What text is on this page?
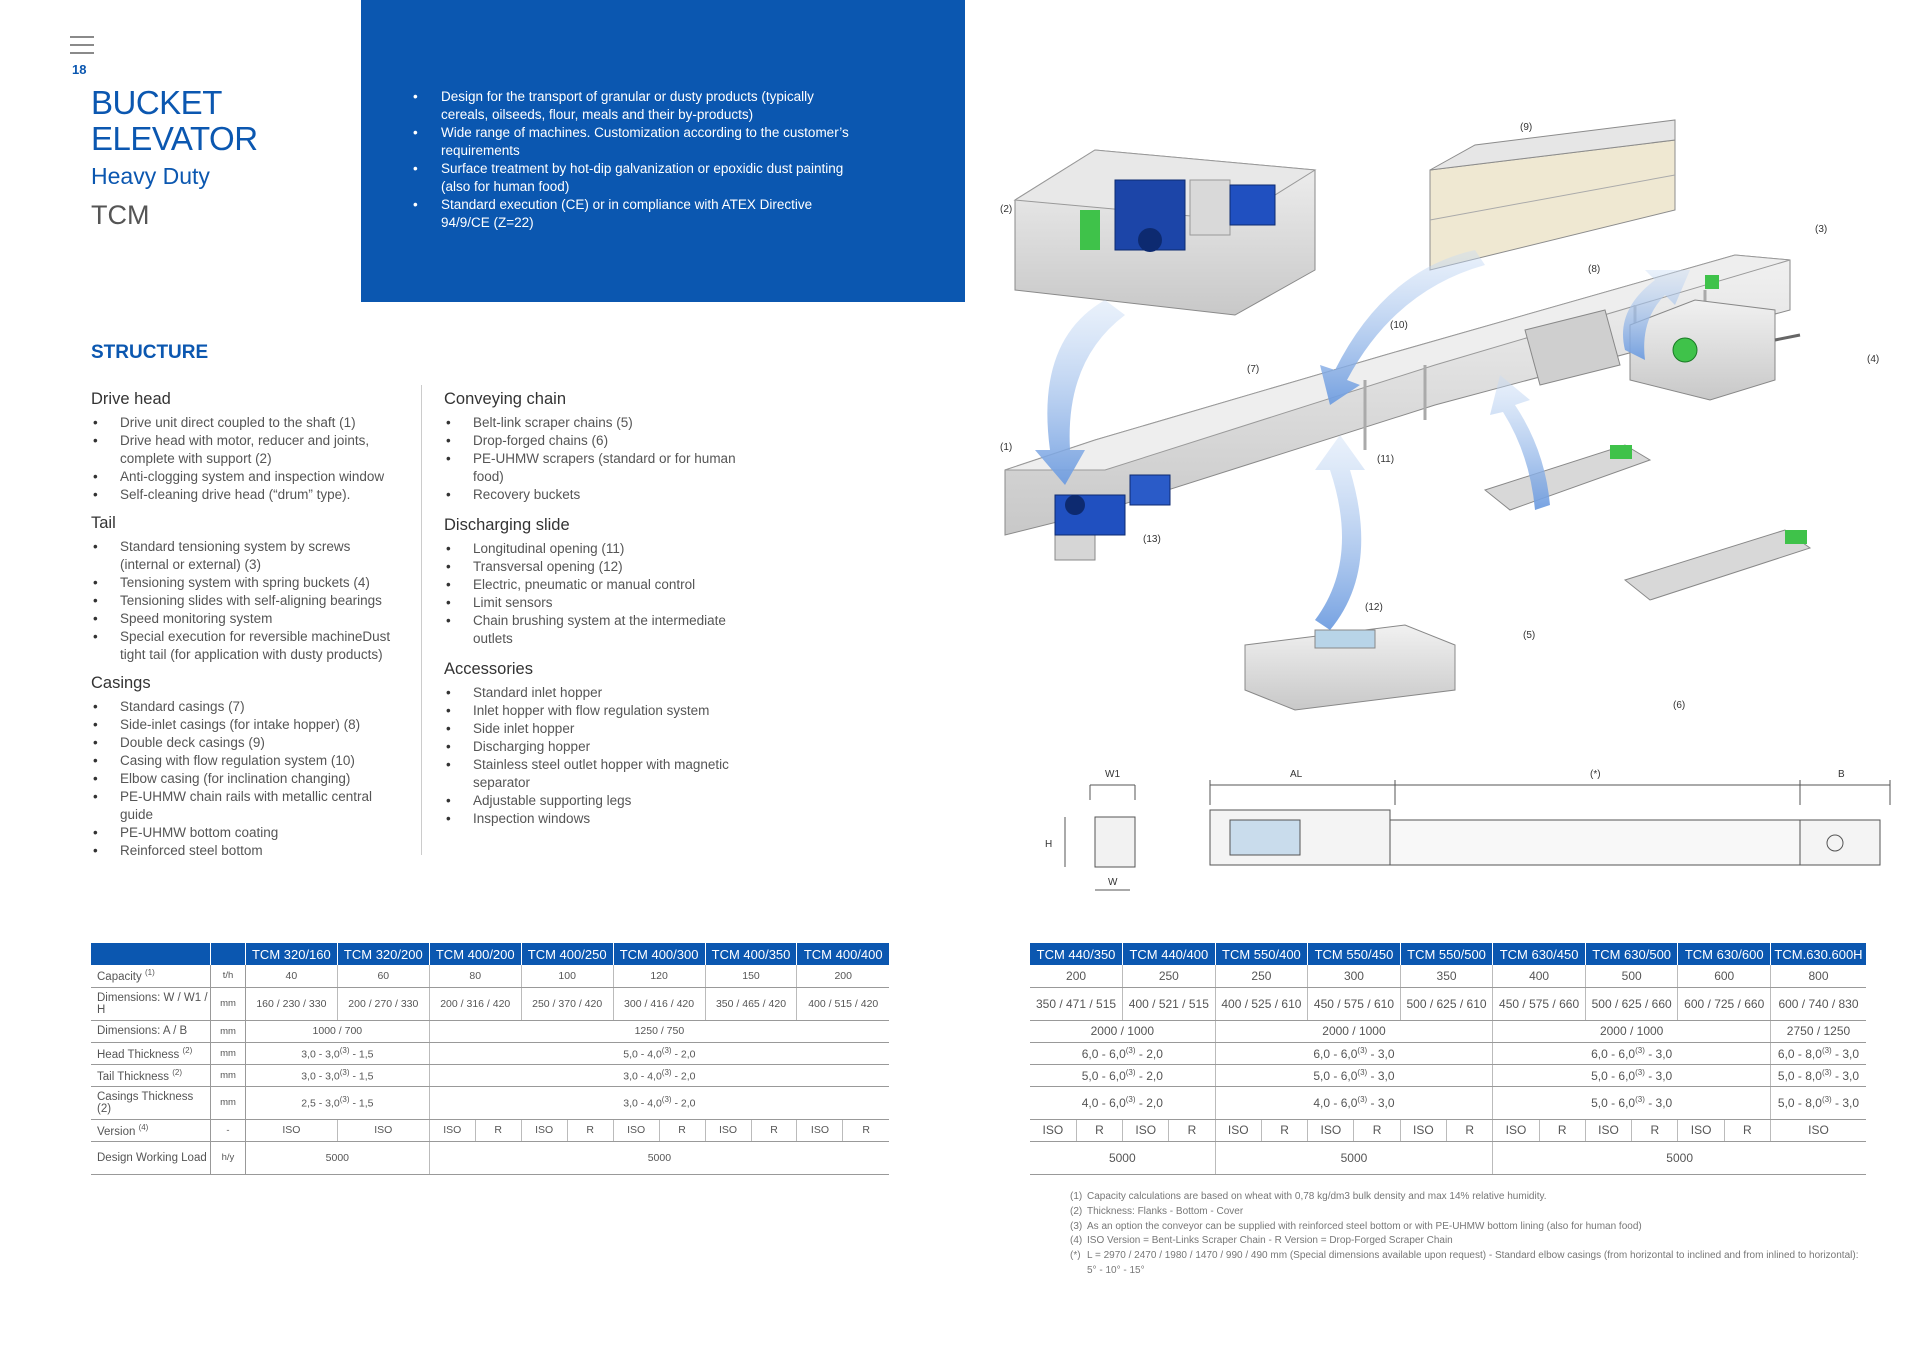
18
BUCKET
ELEVATOR
Heavy Duty
TCM
• Design for the transport of granular or dusty products (typically cereals, oilseeds, flour, meals and their by-products)
• Wide range of machines. Customization according to the customer’s requirements
• Surface treatment by hot-dip galvanization or epoxidic dust painting (also for human food)
• Standard execution (CE) or in compliance with ATEX Directive 94/9/CE (Z=22)
STRUCTURE
Drive head
• Drive unit direct coupled to the shaft (1)
• Drive head with motor, reducer and joints, complete with support (2)
• Anti-clogging system and inspection window
• Self-cleaning drive head (“drum” type).
Tail
• Standard tensioning system by screws (internal or external) (3)
• Tensioning system with spring buckets (4)
• Tensioning slides with self-aligning bearings
• Speed monitoring system
• Special execution for reversible machineDust tight tail (for application with dusty products)
Casings
• Standard casings (7)
• Side-inlet casings (for intake hopper) (8)
• Double deck casings (9)
• Casing with flow regulation system (10)
• Elbow casing (for inclination changing)
• PE-UHMW chain rails with metallic central guide
• PE-UHMW bottom coating
• Reinforced steel bottom
Conveying chain
• Belt-link scraper chains (5)
• Drop-forged chains (6)
• PE-UHMW scrapers (standard or for human food)
• Recovery buckets
Discharging slide
• Longitudinal opening (11)
• Transversal opening (12)
• Electric, pneumatic or manual control
• Limit sensors
• Chain brushing system at the intermediate outlets
Accessories
• Standard inlet hopper
• Inlet hopper with flow regulation system
• Side inlet hopper
• Discharging hopper
• Stainless steel outlet hopper with magnetic separator
• Adjustable supporting legs
• Inspection windows
(1)
(2)
(3)
(4)
(5)
(6)
(7)
(8)
(9)
(10)
(11)
(12)
(13)
W1
H
W
AL	(*)	B
		TCM 320/160	TCM 320/200	TCM 400/200		TCM 400/250		TCM 400/300		TCM 400/350		TCM 400/400	
Capacity $^{(1)}$	t/h	40	60	80		100		120		150		200	
Dimensions: W / W1 / H	mm	160 / 230 / 330	200 / 270 / 330	200 / 316 / 420		250 / 370 / 420		300 / 416 / 420		350 / 465 / 420		400 / 515 / 420	
Dimensions: A / B	mm	1000 / 700		1250 / 750									
Head Thickness $^{(2)}$	mm	3,0 - 3,0$^{(3)}$ - 1,5		5,0 - 4,0$^{(3)}$ - 2,0									
Tail Thickness $^{(2)}$	mm	3,0 - 3,0$^{(3)}$ - 1,5		3,0 - 4,0$^{(3)}$ - 2,0									
Casings Thickness (2)	mm	2,5 - 3,0$^{(3)}$ - 1,5		3,0 - 4,0$^{(3)}$ - 2,0									
Version $^{(4)}$	-	ISO	ISO	ISO	R	ISO	R	ISO	R	ISO	R	ISO	R
Design Working Load	h/y	5000		5000									
TCM 440/350		TCM 440/400		TCM 550/400		TCM 550/450		TCM 550/500		TCM 630/450		TCM 630/500		TCM 630/600		TCM.630.600H
200		250		250		300		350		400		500		600		800
350 / 471 / 515		400 / 521 / 515		400 / 525 / 610		450 / 575 / 610		500 / 625 / 610		450 / 575 / 660		500 / 625 / 660		600 / 725 / 660		600 / 740 / 830
2000 / 1000				2000 / 1000						2000 / 1000						2750 / 1250
6,0 - 6,0$^{(3)}$ - 2,0				6,0 - 6,0$^{(3)}$ - 3,0						6,0 - 6,0$^{(3)}$ - 3,0						6,0 - 8,0$^{(3)}$ - 3,0
5,0 - 6,0$^{(3)}$ - 2,0				5,0 - 6,0$^{(3)}$ - 3,0						5,0 - 6,0$^{(3)}$ - 3,0						5,0 - 8,0$^{(3)}$ - 3,0
4,0 - 6,0$^{(3)}$ - 2,0				4,0 - 6,0$^{(3)}$ - 3,0						5,0 - 6,0$^{(3)}$ - 3,0						5,0 - 8,0$^{(3)}$ - 3,0
ISO	R	ISO	R	ISO	R	ISO	R	ISO	R	ISO	R	ISO	R	ISO	R	ISO
5000				5000						5000						
(1) Capacity calculations are based on wheat with 0,78 kg/dm3 bulk density and max 14% relative humidity.
(2) Thickness: Flanks - Bottom - Cover
(3) As an option the conveyor can be supplied with reinforced steel bottom or with PE-UHMW bottom lining (also for human food)
(4) ISO Version = Bent-Links Scraper Chain - R Version = Drop-Forged Scraper Chain
(*) L = 2970 / 2470 / 1980 / 1470 / 990 / 490 mm (Special dimensions available upon request) - Standard elbow casings (from horizontal to inclined and from inlined to horizontal): 5° - 10° - 15°
